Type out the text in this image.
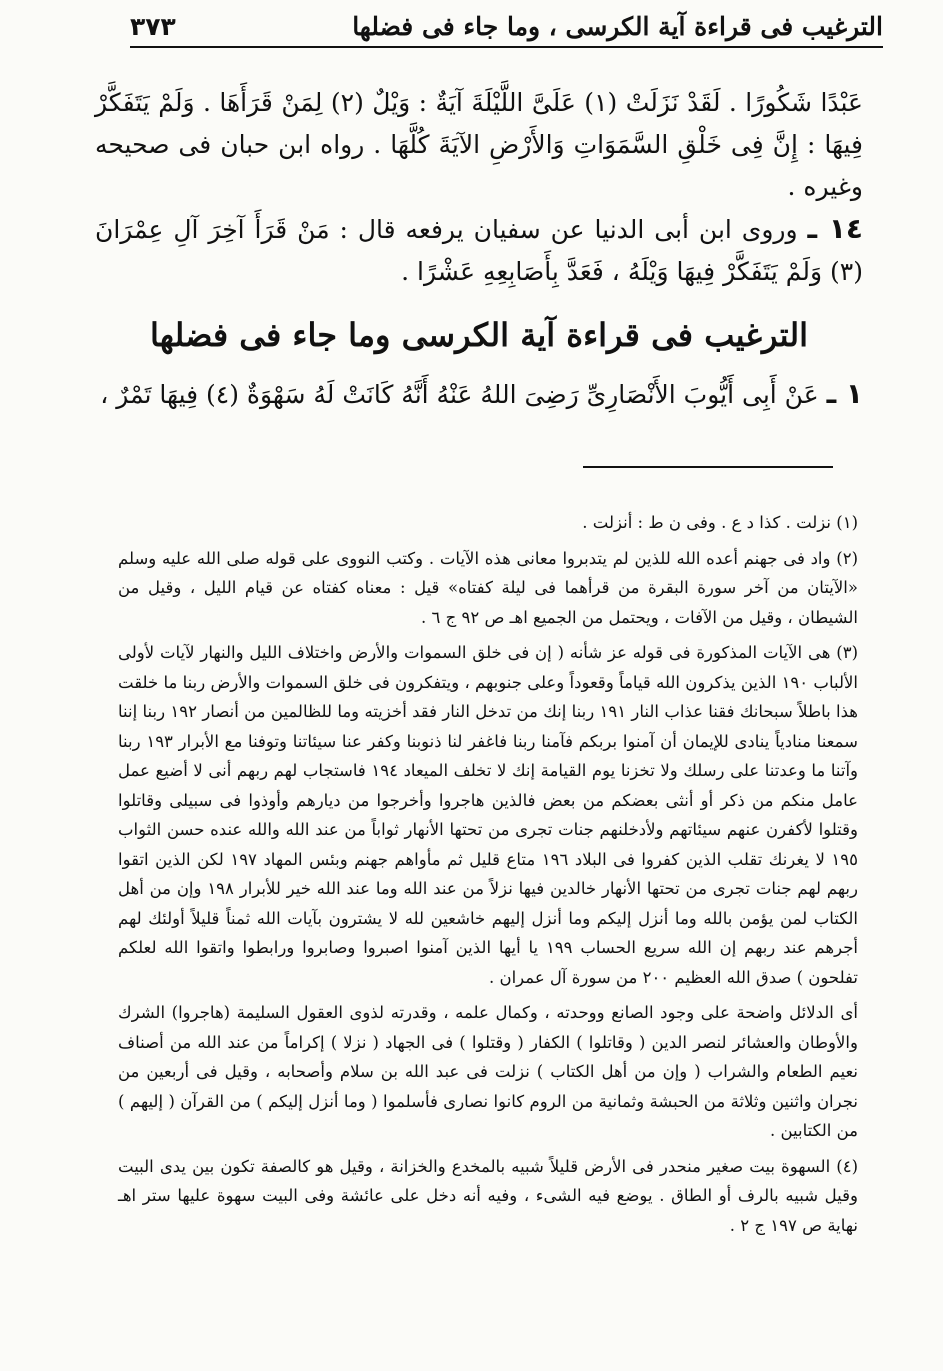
الترغيب فى قراءة آية الكرسى ، وما جاء فى فضلها
٣٧٣

عَبْدًا شَكُورًا . لَقَدْ نَزَلَتْ (١) عَلَىَّ اللَّيْلَةَ آيَةٌ : وَيْلٌ (٢) لِمَنْ قَرَأَهَا . وَلَمْ يَتَفَكَّرْ فِيهَا : إِنَّ فِى خَلْقِ السَّمَوَاتِ وَالأَرْضِ الآيَةَ كُلَّهَا . رواه ابن حبان فى صحيحه وغيره .

١٤ ـ وروى ابن أبى الدنيا عن سفيان يرفعه قال : مَنْ قَرَأَ آخِرَ آلِ عِمْرَانَ (٣) وَلَمْ يَتَفَكَّرْ فِيهَا وَيْلَهُ ، فَعَدَّ بِأَصَابِعِهِ عَشْرًا .

الترغيب فى قراءة آية الكرسى وما جاء فى فضلها

١ ـ عَنْ أَبِى أَيُّوبَ الأَنْصَارِىِّ رَضِىَ اللهُ عَنْهُ أَنَّهُ كَانَتْ لَهُ سَهْوَةٌ (٤) فِيهَا تَمْرٌ ،

(١) نزلت . كذا د ع . وفى ن ط : أنزلت .

(٢) واد فى جهنم أعده الله للذين لم يتدبروا معانى هذه الآيات . وكتب النووى على قوله صلى الله عليه وسلم «الآيتان من آخر سورة البقرة من قرأهما فى ليلة كفتاه» قيل : معناه كفتاه عن قيام الليل ، وقيل من الشيطان ، وقيل من الآفات ، ويحتمل من الجميع اهـ ص ٩٢ ج ٦ .

(٣) هى الآيات المذكورة فى قوله عز شأنه ( إن فى خلق السموات والأرض واختلاف الليل والنهار لآيات لأولى الألباب ١٩٠ الذين يذكرون الله قياماً وقعوداً وعلى جنوبهم ، ويتفكرون فى خلق السموات والأرض ربنا ما خلقت هذا باطلاً سبحانك فقنا عذاب النار ١٩١ ربنا إنك من تدخل النار فقد أخزيته وما للظالمين من أنصار ١٩٢ ربنا إننا سمعنا منادياً ينادى للإيمان أن آمنوا بربكم فآمنا ربنا فاغفر لنا ذنوبنا وكفر عنا سيئاتنا وتوفنا مع الأبرار ١٩٣ ربنا وآتنا ما وعدتنا على رسلك ولا تخزنا يوم القيامة إنك لا تخلف الميعاد ١٩٤ فاستجاب لهم ربهم أنى لا أضيع عمل عامل منكم من ذكر أو أنثى بعضكم من بعض فالذين هاجروا وأخرجوا من ديارهم وأوذوا فى سبيلى وقاتلوا وقتلوا لأكفرن عنهم سيئاتهم ولأدخلنهم جنات تجرى من تحتها الأنهار ثواباً من عند الله والله عنده حسن الثواب ١٩٥ لا يغرنك تقلب الذين كفروا فى البلاد ١٩٦ متاع قليل ثم مأواهم جهنم وبئس المهاد ١٩٧ لكن الذين اتقوا ربهم لهم جنات تجرى من تحتها الأنهار خالدين فيها نزلاً من عند الله وما عند الله خير للأبرار ١٩٨ وإن من أهل الكتاب لمن يؤمن بالله وما أنزل إليكم وما أنزل إليهم خاشعين لله لا يشترون بآيات الله ثمناً قليلاً أولئك لهم أجرهم عند ربهم إن الله سريع الحساب ١٩٩ يا أيها الذين آمنوا اصبروا وصابروا ورابطوا واتقوا الله لعلكم تفلحون ) صدق الله العظيم ٢٠٠ من سورة آل عمران .

أى الدلائل واضحة على وجود الصانع ووحدته ، وكمال علمه ، وقدرته لذوى العقول السليمة (هاجروا) الشرك والأوطان والعشائر لنصر الدين ( وقاتلوا ) الكفار ( وقتلوا ) فى الجهاد ( نزلا ) إكراماً من عند الله من أصناف نعيم الطعام والشراب ( وإن من أهل الكتاب ) نزلت فى عبد الله بن سلام وأصحابه ، وقيل فى أربعين من نجران واثنين وثلاثة من الحبشة وثمانية من الروم كانوا نصارى فأسلموا ( وما أنزل إليكم ) من القرآن ( إليهم ) من الكتابين .

(٤) السهوة بيت صغير منحدر فى الأرض قليلاً شبيه بالمخدع والخزانة ، وقيل هو كالصفة تكون بين يدى البيت وقيل شبيه بالرف أو الطاق . يوضع فيه الشىء ، وفيه أنه دخل على عائشة وفى البيت سهوة عليها ستر اهـ نهاية ص ١٩٧ ج ٢ .
